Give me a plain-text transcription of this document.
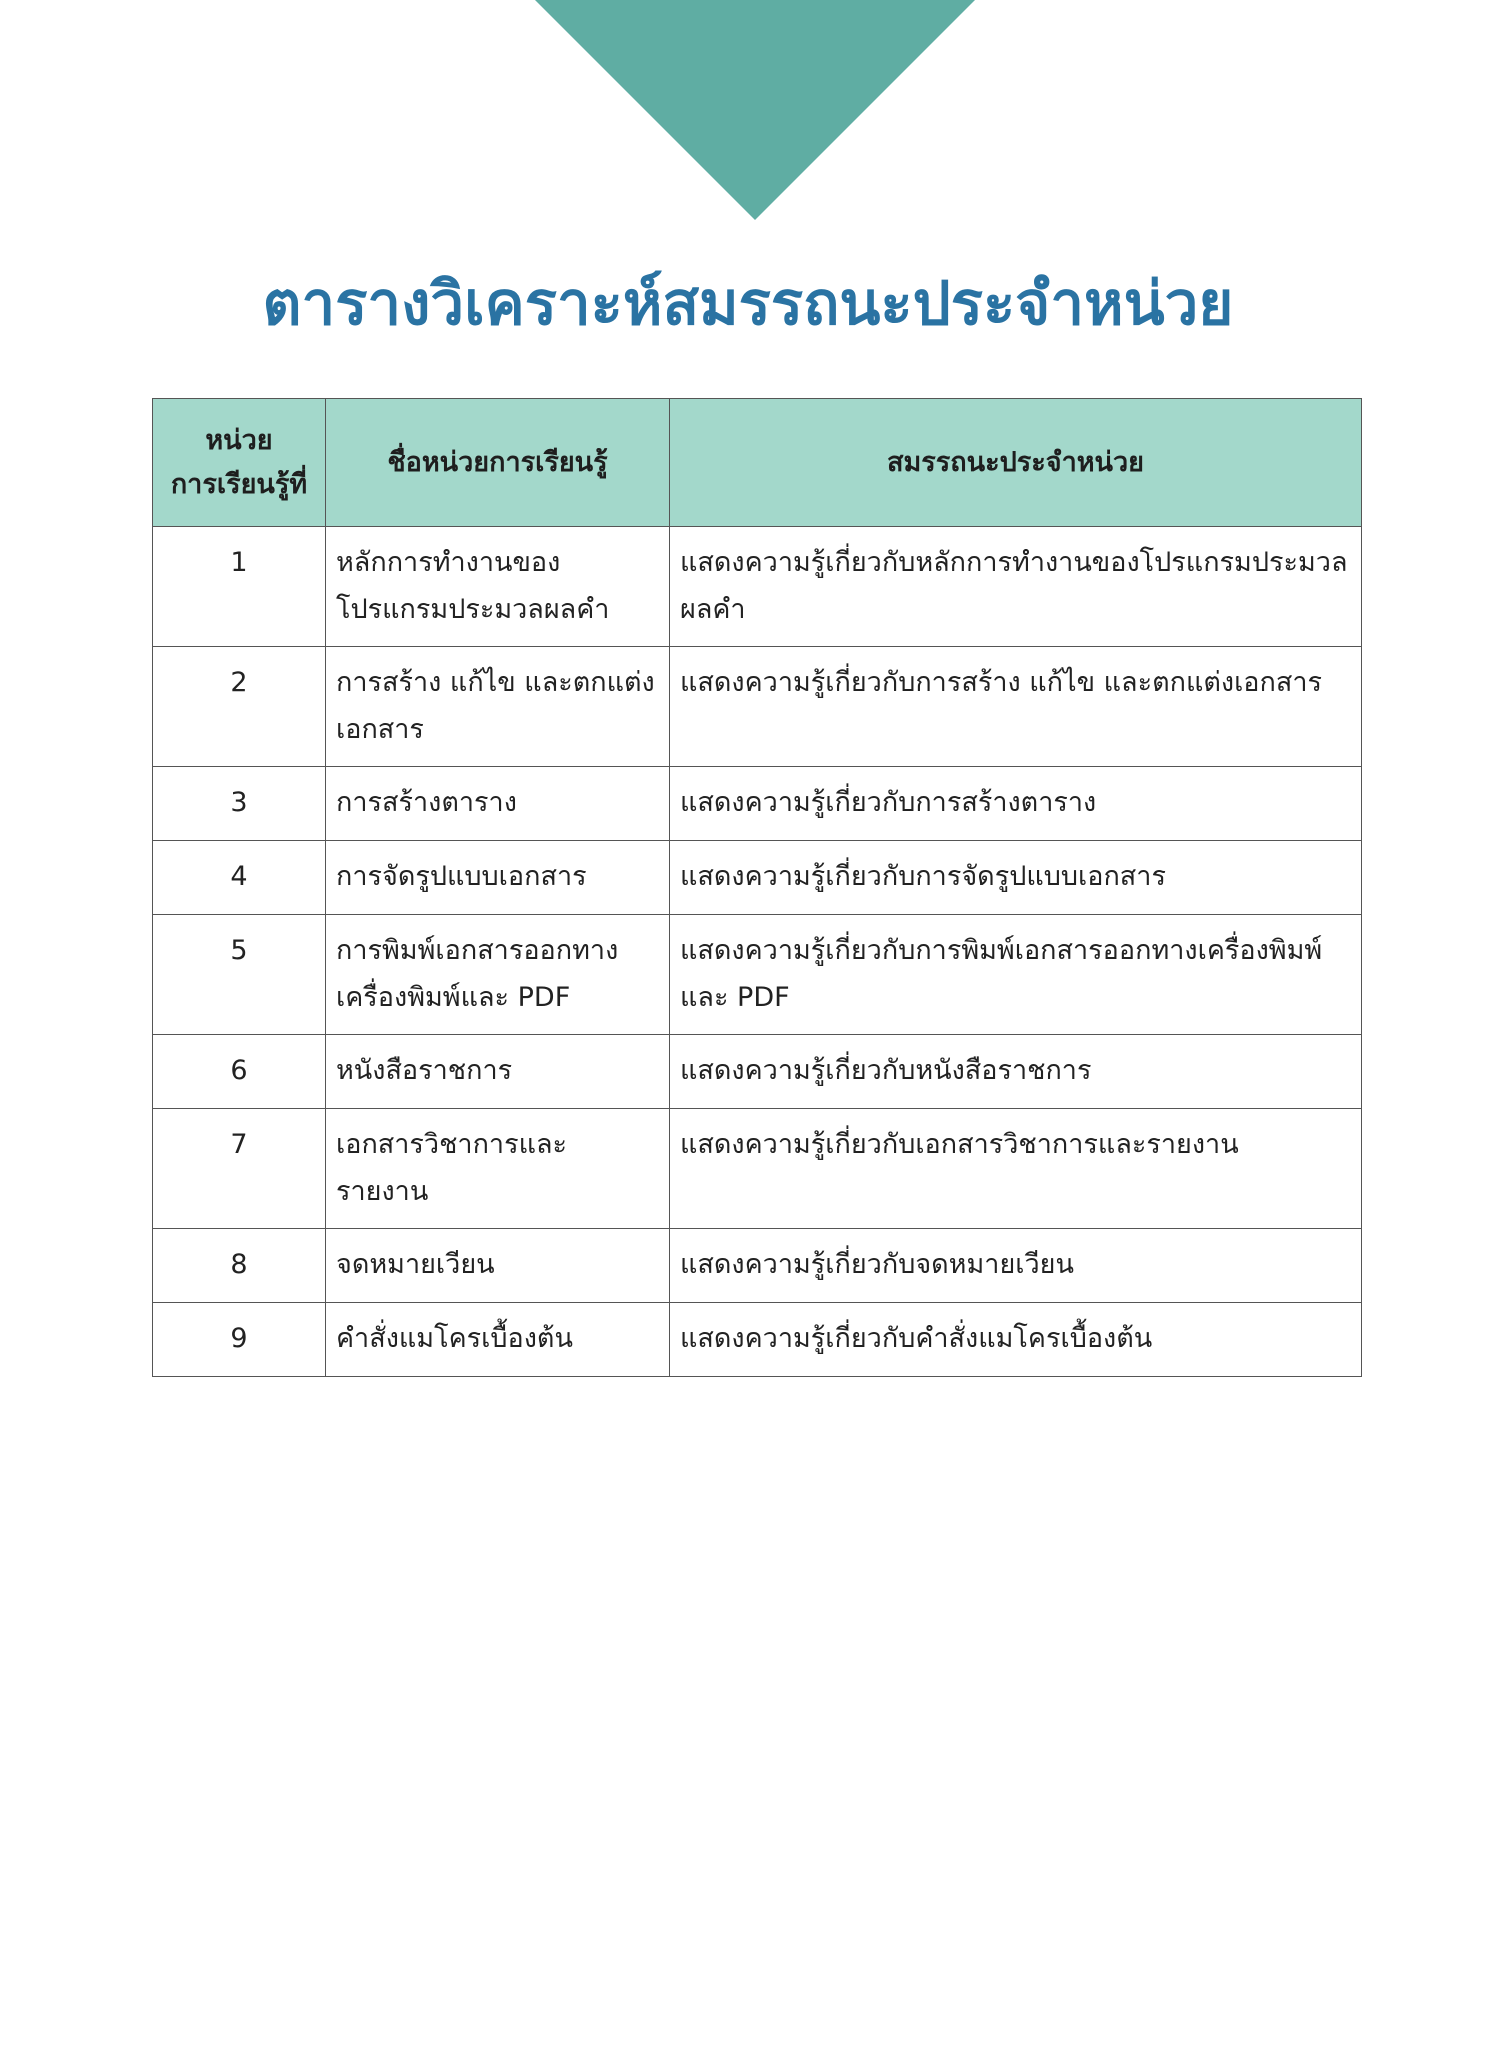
ตารางวิเคราะห์สมรรถนะประจำหน่วย
หน่วย
การเรียนรู้ที่	ชื่อหน่วยการเรียนรู้	สมรรถนะประจำหน่วย
1	หลักการทำงานของโปรแกรมประมวลผลคำ	แสดงความรู้เกี่ยวกับหลักการทำงานของโปรแกรมประมวลผลคำ
2	การสร้าง แก้ไข และตกแต่งเอกสาร	แสดงความรู้เกี่ยวกับการสร้าง แก้ไข และตกแต่งเอกสาร
3	การสร้างตาราง	แสดงความรู้เกี่ยวกับการสร้างตาราง
4	การจัดรูปแบบเอกสาร	แสดงความรู้เกี่ยวกับการจัดรูปแบบเอกสาร
5	การพิมพ์เอกสารออกทางเครื่องพิมพ์และ PDF	แสดงความรู้เกี่ยวกับการพิมพ์เอกสารออกทางเครื่องพิมพ์และ PDF
6	หนังสือราชการ	แสดงความรู้เกี่ยวกับหนังสือราชการ
7	เอกสารวิชาการและรายงาน	แสดงความรู้เกี่ยวกับเอกสารวิชาการและรายงาน
8	จดหมายเวียน	แสดงความรู้เกี่ยวกับจดหมายเวียน
9	คำสั่งแมโครเบื้องต้น	แสดงความรู้เกี่ยวกับคำสั่งแมโครเบื้องต้น
